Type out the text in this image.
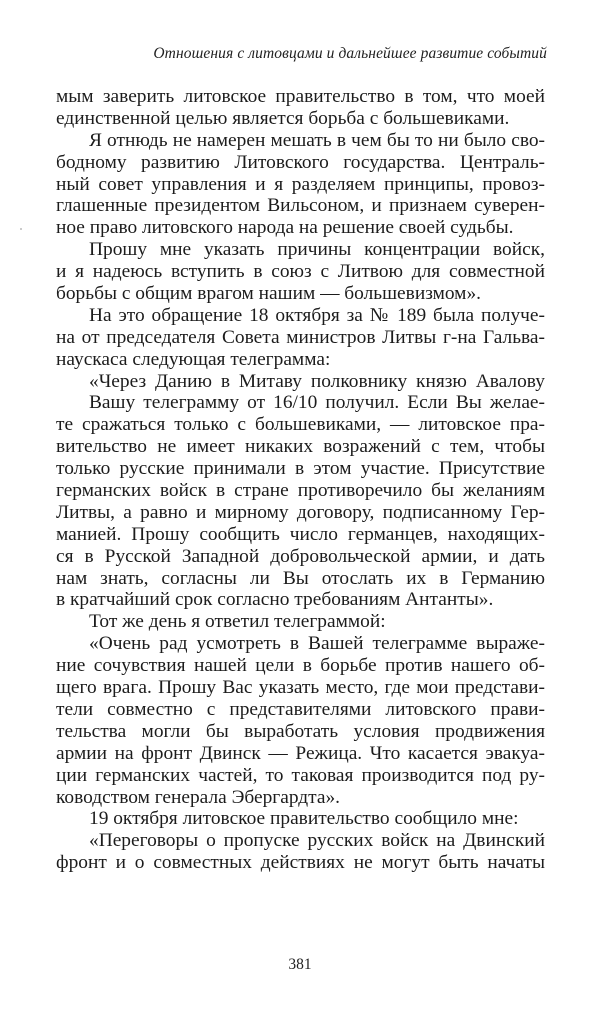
Отношения с литовцами и дальнейшее развитие событий
мым заверить литовское правительство в том, что моей
единственной целью является борьба с большевиками.
Я отнюдь не намерен мешать в чем бы то ни было сво-
бодному развитию Литовского государства. Централь-
ный совет управления и я разделяем принципы, провоз-
глашенные президентом Вильсоном, и признаем суверен-
ное право литовского народа на решение своей судьбы.
Прошу мне указать причины концентрации войск,
и я надеюсь вступить в союз с Литвою для совместной
борьбы с общим врагом нашим — большевизмом».
На это обращение 18 октября за № 189 была получе-
на от председателя Совета министров Литвы г-на Гальва-
наускаса следующая телеграмма:
«Через Данию в Митаву полковнику князю Авалову
Вашу телеграмму от 16/10 получил. Если Вы желае-
те сражаться только с большевиками, — литовское пра-
вительство не имеет никаких возражений с тем, чтобы
только русские принимали в этом участие. Присутствие
германских войск в стране противоречило бы желаниям
Литвы, а равно и мирному договору, подписанному Гер-
манией. Прошу сообщить число германцев, находящих-
ся в Русской Западной добровольческой армии, и дать
нам знать, согласны ли Вы отослать их в Германию
в кратчайший срок согласно требованиям Антанты».
Тот же день я ответил телеграммой:
«Очень рад усмотреть в Вашей телеграмме выраже-
ние сочувствия нашей цели в борьбе против нашего об-
щего врага. Прошу Вас указать место, где мои представи-
тели совместно с представителями литовского прави-
тельства могли бы выработать условия продвижения
армии на фронт Двинск — Режица. Что касается эвакуа-
ции германских частей, то таковая производится под ру-
ководством генерала Эбергардта».
19 октября литовское правительство сообщило мне:
«Переговоры о пропуске русских войск на Двинский
фронт и о совместных действиях не могут быть начаты
381
